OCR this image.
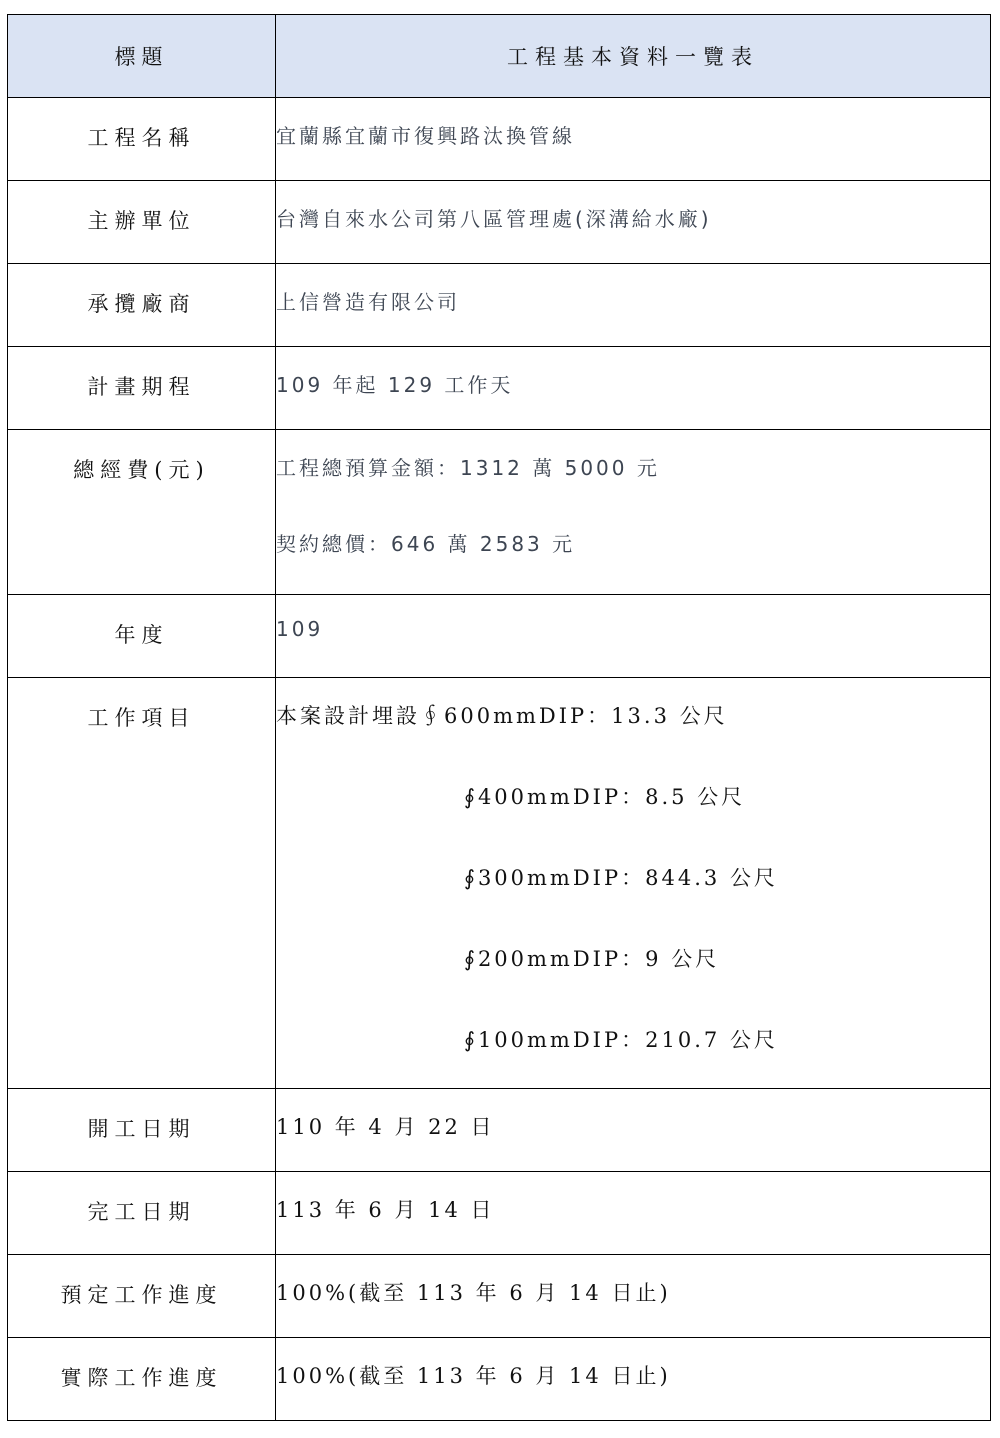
標題	工程基本資料一覽表

工程名稱	宜蘭縣宜蘭市復興路汰換管線

主辦單位	台灣自來水公司第八區管理處(深溝給水廠)

承攬廠商	上信營造有限公司

計畫期程	109 年起 129 工作天

總經費(元)	工程總預算金額：1312 萬 5000 元
契約總價：646 萬 2583 元

年度	109

工作項目	本案設計埋設∮600mmDIP：13.3 公尺
∮400mmDIP：8.5 公尺
∮300mmDIP：844.3 公尺
∮200mmDIP：9 公尺
∮100mmDIP：210.7 公尺

開工日期	110 年 4 月 22 日

完工日期	113 年 6 月 14 日

預定工作進度	100%(截至 113 年 6 月 14 日止)

實際工作進度	100%(截至 113 年 6 月 14 日止)
